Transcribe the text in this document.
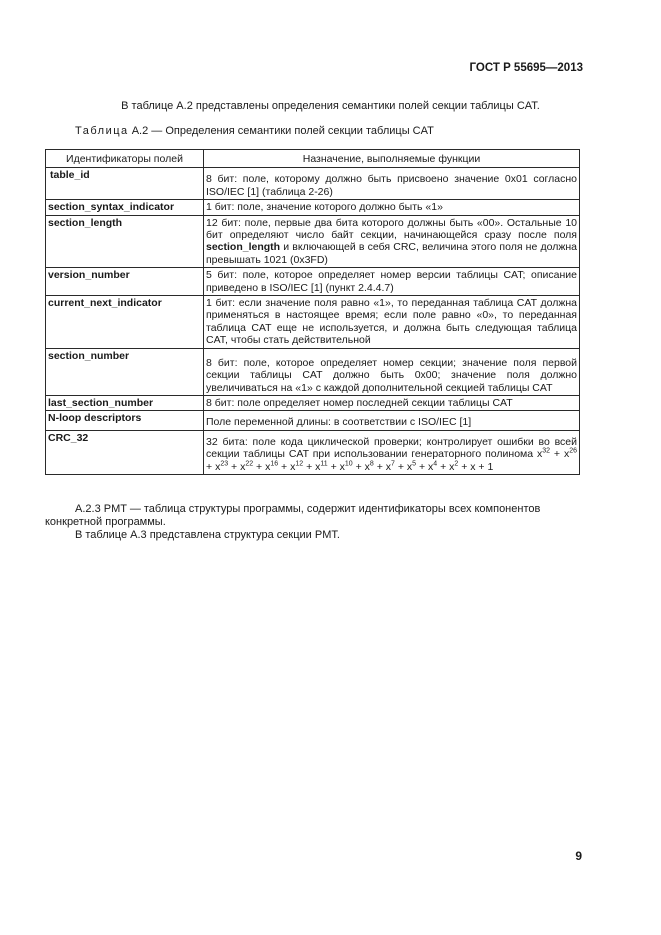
ГОСТ Р 55695—2013
В таблице А.2 представлены определения семантики полей секции таблицы CAT.
Таблица А.2 — Определения семантики полей секции таблицы CAT
Идентификаторы полей	Назначение, выполняемые функции
table_id	8 бит: поле, которому должно быть присвоено значение 0x01 согласно ISO/IEC [1] (таблица 2-26)
section_syntax_indicator	1 бит: поле, значение которого должно быть «1»
section_length	12 бит: поле, первые два бита которого должны быть «00». Остальные 10 бит определяют число байт секции, начинающейся сразу после поля section_length и включающей в себя CRC, величина этого поля не должна превышать 1021 (0x3FD)
version_number	5 бит: поле, которое определяет номер версии таблицы CAT; описание приведено в ISO/IEC [1] (пункт 2.4.4.7)
current_next_indicator	1 бит: если значение поля равно «1», то переданная таблица CAT должна применяться в настоящее время; если поле равно «0», то переданная таблица CAT еще не используется, и должна быть следующая таблица CAT, чтобы стать действительной
section_number	8 бит: поле, которое определяет номер секции; значение поля первой секции таблицы CAT должно быть 0x00; значение поля должно увеличиваться на «1» с каждой дополнительной секцией таблицы CAT
last_section_number	8 бит: поле определяет номер последней секции таблицы CAT
N-loop descriptors	Поле переменной длины: в соответствии с ISO/IEC [1]
CRC_32	32 бита: поле кода циклической проверки; контролирует ошибки во всей секции таблицы CAT при использовании генераторного полинома $x^{32} + x^{26} + x^{23} + x^{22} + x^{16} + x^{12} + x^{11} + x^{10} + x^8 + x^7 + x^5 + x^4 + x^2 + x + 1$

А.2.3 PMT — таблица структуры программы, содержит идентификаторы всех компонентов

конкретной программы.

В таблице А.3 представлена структура секции PMT.
9
